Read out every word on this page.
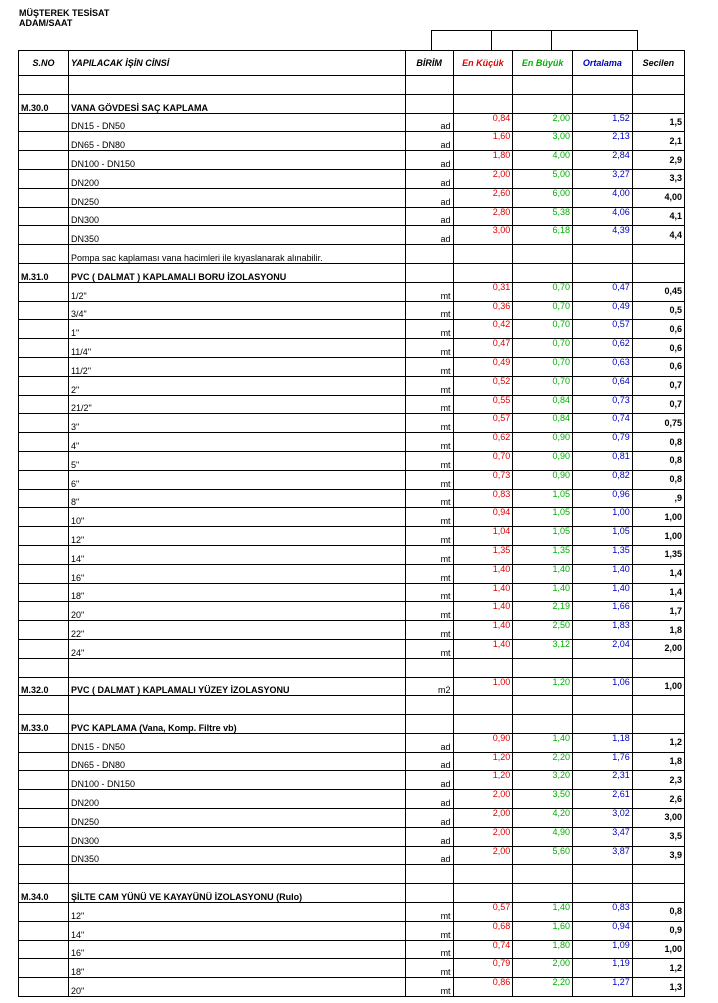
MÜŞTEREK TESİSAT
ADAM/SAAT
S.NO	YAPILACAK İŞİN CİNSİ	BİRİM	En Küçük	En Büyük	Ortalama	Secilen

M.30.0	VANA GÖVDESİ SAÇ KAPLAMA					
	DN15 - DN50	ad	0,84	2,00	1,52	1,5
	DN65 - DN80	ad	1,60	3,00	2,13	2,1
	DN100 - DN150	ad	1,80	4,00	2,84	2,9
	DN200	ad	2,00	5,00	3,27	3,3
	DN250	ad	2,60	6,00	4,00	4,00
	DN300	ad	2,80	5,38	4,06	4,1
	DN350	ad	3,00	6,18	4,39	4,4
	Pompa sac kaplaması vana hacimleri ile kıyaslanarak alınabilir.					
M.31.0	PVC ( DALMAT ) KAPLAMALI BORU İZOLASYONU					
	1/2"	mt	0,31	0,70	0,47	0,45
	3/4"	mt	0,36	0,70	0,49	0,5
	1"	mt	0,42	0,70	0,57	0,6
	11/4"	mt	0,47	0,70	0,62	0,6
	11/2"	mt	0,49	0,70	0,63	0,6
	2"	mt	0,52	0,70	0,64	0,7
	21/2"	mt	0,55	0,84	0,73	0,7
	3"	mt	0,57	0,84	0,74	0,75
	4"	mt	0,62	0,90	0,79	0,8
	5"	mt	0,70	0,90	0,81	0,8
	6"	mt	0,73	0,90	0,82	0,8
	8"	mt	0,83	1,05	0,96	,9
	10"	mt	0,94	1,05	1,00	1,00
	12"	mt	1,04	1,05	1,05	1,00
	14"	mt	1,35	1,35	1,35	1,35
	16"	mt	1,40	1,40	1,40	1,4
	18"	mt	1,40	1,40	1,40	1,4
	20"	mt	1,40	2,19	1,66	1,7
	22"	mt	1,40	2,50	1,83	1,8
	24"	mt	1,40	3,12	2,04	2,00

M.32.0	PVC ( DALMAT ) KAPLAMALI YÜZEY İZOLASYONU	m2	1,00	1,20	1,06	1,00

M.33.0	PVC KAPLAMA (Vana, Komp. Filtre vb)					
	DN15 - DN50	ad	0,90	1,40	1,18	1,2
	DN65 - DN80	ad	1,20	2,20	1,76	1,8
	DN100 - DN150	ad	1,20	3,20	2,31	2,3
	DN200	ad	2,00	3,50	2,61	2,6
	DN250	ad	2,00	4,20	3,02	3,00
	DN300	ad	2,00	4,90	3,47	3,5
	DN350	ad	2,00	5,60	3,87	3,9

M.34.0	ŞİLTE CAM YÜNÜ VE KAYAYÜNÜ İZOLASYONU (Rulo)					
	12"	mt	0,57	1,40	0,83	0,8
	14"	mt	0,68	1,60	0,94	0,9
	16"	mt	0,74	1,80	1,09	1,00
	18"	mt	0,79	2,00	1,19	1,2
	20"	mt	0,86	2,20	1,27	1,3
